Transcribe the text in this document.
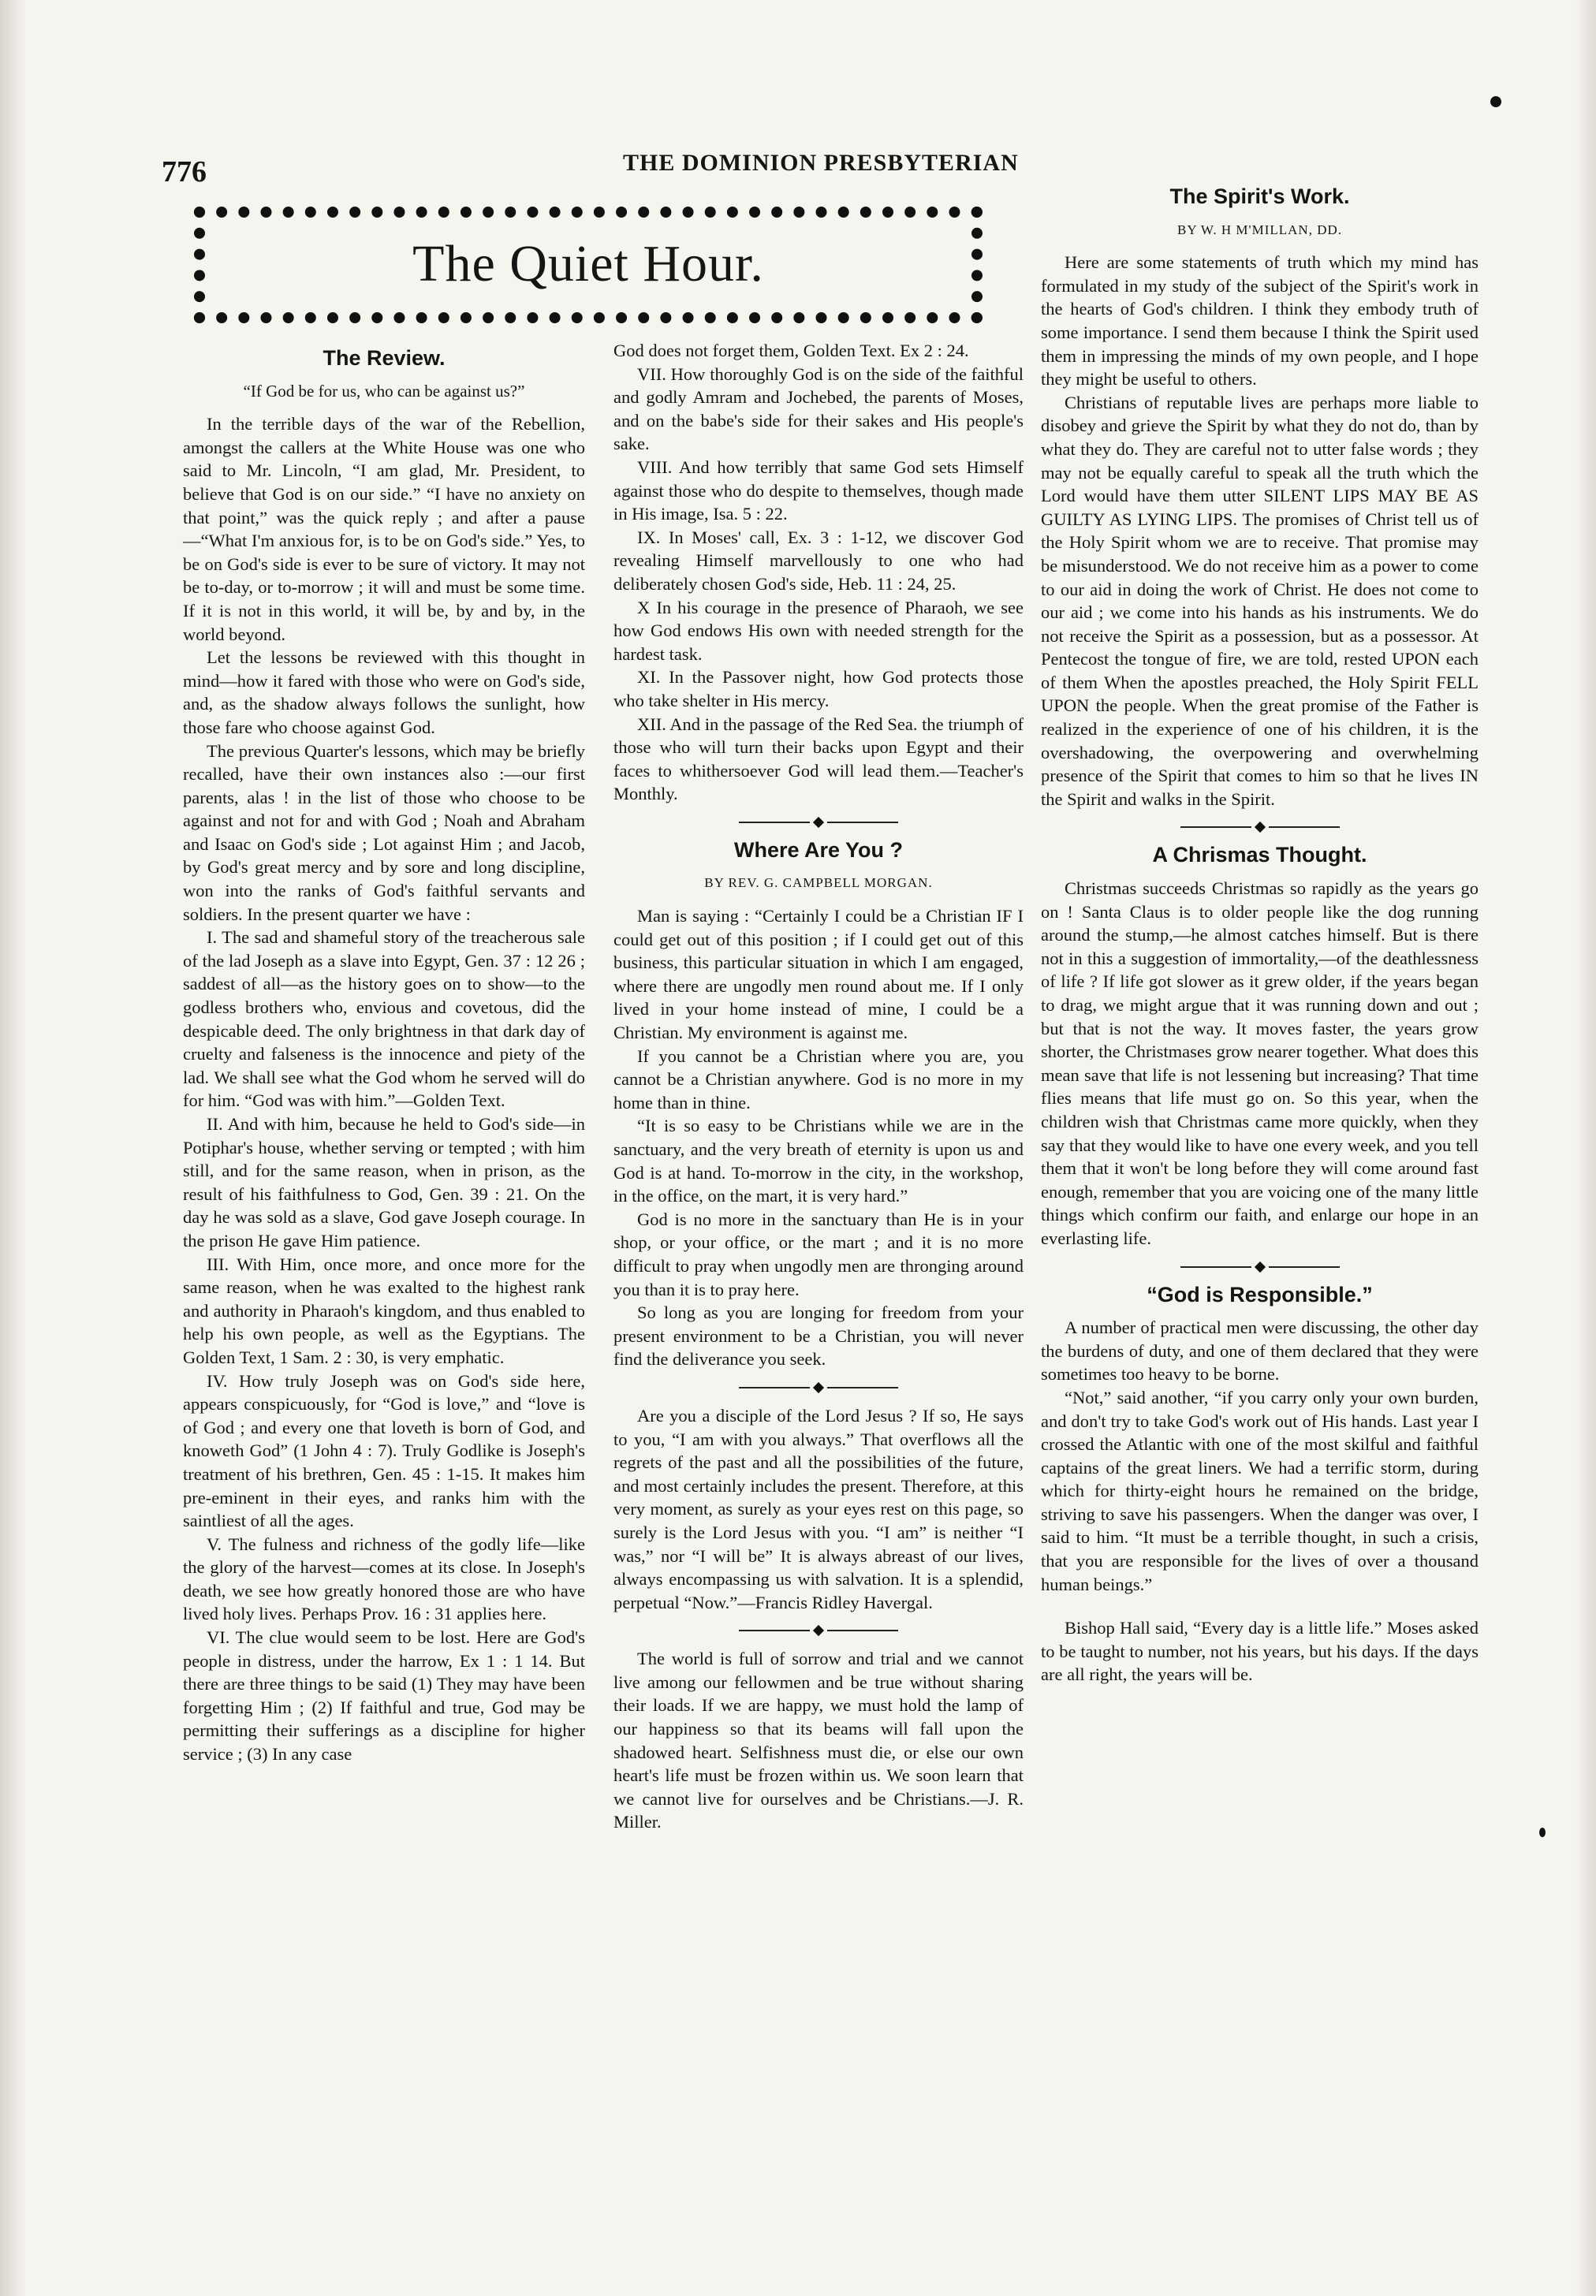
776	THE DOMINION PRESBYTERIAN
The Quiet Hour.
The Review.
“If God be for us, who can be against us?”

In the terrible days of the war of the Rebellion, amongst the callers at the White House was one who said to Mr. Lincoln, “I am glad, Mr. President, to believe that God is on our side.” “I have no anxiety on that point,” was the quick reply ; and after a pause—“What I'm anxious for, is to be on God's side.” Yes, to be on God's side is ever to be sure of victory. It may not be to-day, or to-morrow ; it will and must be some time. If it is not in this world, it will be, by and by, in the world beyond.

Let the lessons be reviewed with this thought in mind—how it fared with those who were on God's side, and, as the shadow always follows the sunlight, how those fare who choose against God.

The previous Quarter's lessons, which may be briefly recalled, have their own instances also :—our first parents, alas ! in the list of those who choose to be against and not for and with God ; Noah and Abraham and Isaac on God's side ; Lot against Him ; and Jacob, by God's great mercy and by sore and long discipline, won into the ranks of God's faithful servants and soldiers. In the present quarter we have :

I. The sad and shameful story of the treacherous sale of the lad Joseph as a slave into Egypt, Gen. 37 : 12 26 ; saddest of all—as the history goes on to show—to the godless brothers who, envious and covetous, did the despicable deed. The only brightness in that dark day of cruelty and falseness is the innocence and piety of the lad. We shall see what the God whom he served will do for him. “God was with him.”—Golden Text.

II. And with him, because he held to God's side—in Potiphar's house, whether serving or tempted ; with him still, and for the same reason, when in prison, as the result of his faithfulness to God, Gen. 39 : 21. On the day he was sold as a slave, God gave Joseph courage. In the prison He gave Him patience.

III. With Him, once more, and once more for the same reason, when he was exalted to the highest rank and authority in Pharaoh's kingdom, and thus enabled to help his own people, as well as the Egyptians. The Golden Text, 1 Sam. 2 : 30, is very emphatic.

IV. How truly Joseph was on God's side here, appears conspicuously, for “God is love,” and “love is of God ; and every one that loveth is born of God, and knoweth God” (1 John 4 : 7). Truly Godlike is Joseph's treatment of his brethren, Gen. 45 : 1-15. It makes him pre-eminent in their eyes, and ranks him with the saintliest of all the ages.

V. The fulness and richness of the godly life—like the glory of the harvest—comes at its close. In Joseph's death, we see how greatly honored those are who have lived holy lives. Perhaps Prov. 16 : 31 applies here.

VI. The clue would seem to be lost. Here are God's people in distress, under the harrow, Ex 1 : 1 14. But there are three things to be said (1) They may have been forgetting Him ; (2) If faithful and true, God may be permitting their sufferings as a discipline for higher service ; (3) In any case

God does not forget them, Golden Text. Ex 2 : 24.

VII. How thoroughly God is on the side of the faithful and godly Amram and Jochebed, the parents of Moses, and on the babe's side for their sakes and His people's sake.

VIII. And how terribly that same God sets Himself against those who do despite to themselves, though made in His image, Isa. 5 : 22.

IX. In Moses' call, Ex. 3 : 1-12, we discover God revealing Himself marvellously to one who had deliberately chosen God's side, Heb. 11 : 24, 25.

X In his courage in the presence of Pharaoh, we see how God endows His own with needed strength for the hardest task.

XI. In the Passover night, how God protects those who take shelter in His mercy.

XII. And in the passage of the Red Sea. the triumph of those who will turn their backs upon Egypt and their faces to whithersoever God will lead them.—Teacher's Monthly.

Where Are You ?
BY REV. G. CAMPBELL MORGAN.

Man is saying : “Certainly I could be a Christian IF I could get out of this position ; if I could get out of this business, this particular situation in which I am engaged, where there are ungodly men round about me. If I only lived in your home instead of mine, I could be a Christian. My environment is against me.

If you cannot be a Christian where you are, you cannot be a Christian anywhere. God is no more in my home than in thine.

“It is so easy to be Christians while we are in the sanctuary, and the very breath of eternity is upon us and God is at hand. To-morrow in the city, in the workshop, in the office, on the mart, it is very hard.”

God is no more in the sanctuary than He is in your shop, or your office, or the mart ; and it is no more difficult to pray when ungodly men are thronging around you than it is to pray here.

So long as you are longing for freedom from your present environment to be a Christian, you will never find the deliverance you seek.

Are you a disciple of the Lord Jesus ? If so, He says to you, “I am with you always.” That overflows all the regrets of the past and all the possibilities of the future, and most certainly includes the present. Therefore, at this very moment, as surely as your eyes rest on this page, so surely is the Lord Jesus with you. “I am” is neither “I was,” nor “I will be” It is always abreast of our lives, always encompassing us with salvation. It is a splendid, perpetual “Now.”—Francis Ridley Havergal.

The world is full of sorrow and trial and we cannot live among our fellowmen and be true without sharing their loads. If we are happy, we must hold the lamp of our happiness so that its beams will fall upon the shadowed heart. Selfishness must die, or else our own heart's life must be frozen within us. We soon learn that we cannot live for ourselves and be Christians.—J. R. Miller.

The Spirit's Work.
BY W. H M'MILLAN, DD.

Here are some statements of truth which my mind has formulated in my study of the subject of the Spirit's work in the hearts of God's children. I think they embody truth of some importance. I send them because I think the Spirit used them in impressing the minds of my own people, and I hope they might be useful to others.

Christians of reputable lives are perhaps more liable to disobey and grieve the Spirit by what they do not do, than by what they do. They are careful not to utter false words ; they may not be equally careful to speak all the truth which the Lord would have them utter SILENT LIPS MAY BE AS GUILTY AS LYING LIPS. The promises of Christ tell us of the Holy Spirit whom we are to receive. That promise may be misunderstood. We do not receive him as a power to come to our aid in doing the work of Christ. He does not come to our aid ; we come into his hands as his instruments. We do not receive the Spirit as a possession, but as a possessor. At Pentecost the tongue of fire, we are told, rested UPON each of them When the apostles preached, the Holy Spirit FELL UPON the people. When the great promise of the Father is realized in the experience of one of his children, it is the overshadowing, the overpowering and overwhelming presence of the Spirit that comes to him so that he lives IN the Spirit and walks in the Spirit.

A Chrismas Thought.

Christmas succeeds Christmas so rapidly as the years go on ! Santa Claus is to older people like the dog running around the stump,—he almost catches himself. But is there not in this a suggestion of immortality,—of the deathlessness of life ? If life got slower as it grew older, if the years began to drag, we might argue that it was running down and out ; but that is not the way. It moves faster, the years grow shorter, the Christmases grow nearer together. What does this mean save that life is not lessening but increasing? That time flies means that life must go on. So this year, when the children wish that Christmas came more quickly, when they say that they would like to have one every week, and you tell them that it won't be long before they will come around fast enough, remember that you are voicing one of the many little things which confirm our faith, and enlarge our hope in an everlasting life.

“God is Responsible.”

A number of practical men were discussing, the other day the burdens of duty, and one of them declared that they were sometimes too heavy to be borne.

“Not,” said another, “if you carry only your own burden, and don't try to take God's work out of His hands. Last year I crossed the Atlantic with one of the most skilful and faithful captains of the great liners. We had a terrific storm, during which for thirty-eight hours he remained on the bridge, striving to save his passengers. When the danger was over, I said to him. “It must be a terrible thought, in such a crisis, that you are responsible for the lives of over a thousand human beings.”

Bishop Hall said, “Every day is a little life.” Moses asked to be taught to number, not his years, but his days. If the days are all right, the years will be.
